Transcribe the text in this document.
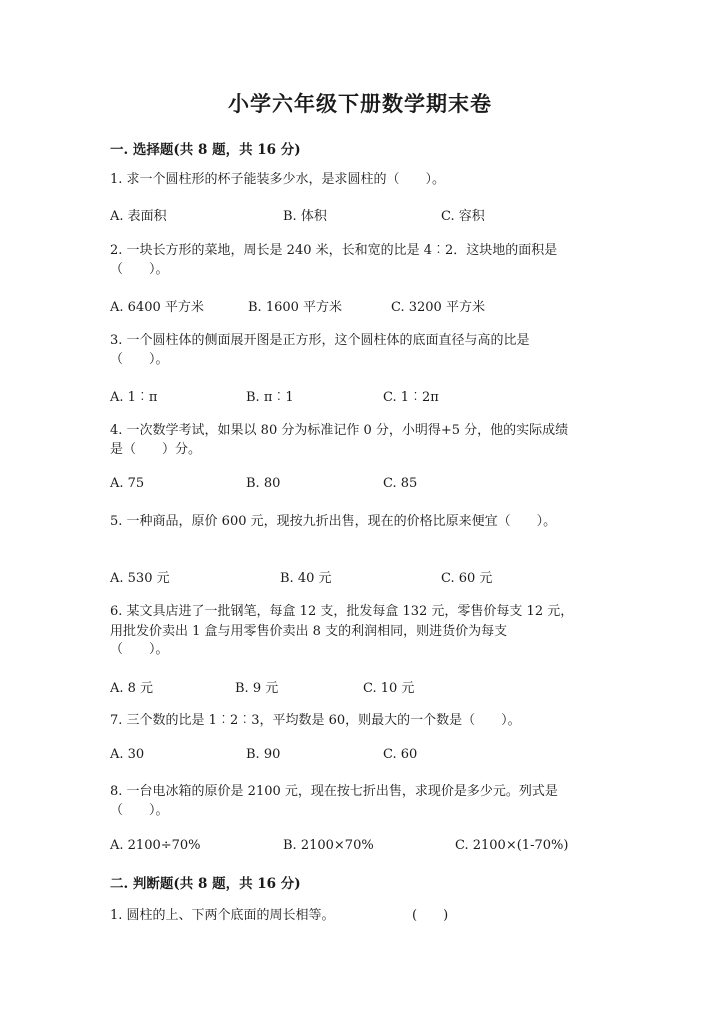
小学六年级下册数学期末卷
一. 选择题(共 8 题，共 16 分)
1. 求一个圆柱形的杯子能装多少水，是求圆柱的（　　）。
A. 表面积	B. 体积	C. 容积
2. 一块长方形的菜地，周长是 240 米，长和宽的比是 4︰2．这块地的面积是
（　　）。
A. 6400 平方米	B. 1600 平方米	C. 3200 平方米
3. 一个圆柱体的侧面展开图是正方形，这个圆柱体的底面直径与高的比是
（　　）。
A. 1︰π	B. π︰1	C. 1︰2π
4. 一次数学考试，如果以 80 分为标准记作 0 分，小明得+5 分，他的实际成绩
是（　　）分。
A. 75	B. 80	C. 85
5. 一种商品，原价 600 元，现按九折出售，现在的价格比原来便宜（　　）。
A. 530 元	B. 40 元	C. 60 元
6. 某文具店进了一批钢笔，每盒 12 支，批发每盒 132 元，零售价每支 12 元，
用批发价卖出 1 盒与用零售价卖出 8 支的利润相同，则进货价为每支
（　　）。
A. 8 元	B. 9 元	C. 10 元
7. 三个数的比是 1︰2︰3，平均数是 60，则最大的一个数是（　　）。
A. 30	B. 90	C. 60
8. 一台电冰箱的原价是 2100 元，现在按七折出售，求现价是多少元。列式是
（　　）。
A. 2100÷70%	B. 2100×70%	C. 2100×(1-70%)
二. 判断题(共 8 题，共 16 分)
1. 圆柱的上、下两个底面的周长相等。	(　　)
